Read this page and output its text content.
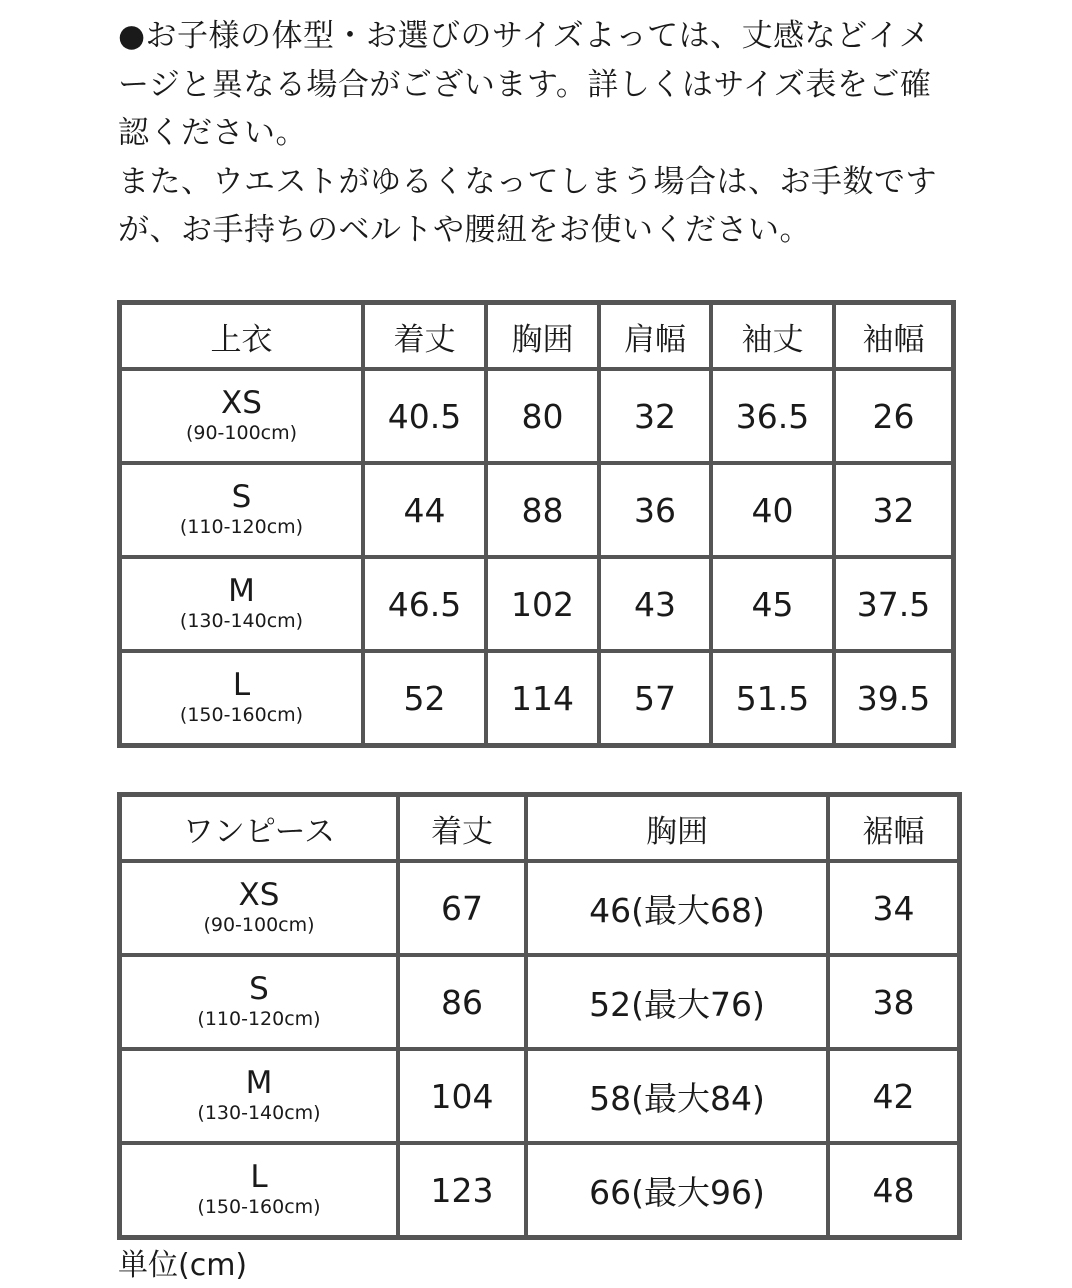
●お子様の体型・お選びのサイズよっては、丈感などイメ

ージと異なる場合がございます。詳しくはサイズ表をご確

認ください。

また、ウエストがゆるくなってしまう場合は、お手数です

が、お手持ちのベルトや腰紐をお使いください。

上衣	着丈	胸囲	肩幅	袖丈	袖幅

XS
(90-100cm)	40.5	80	32	36.5	26

S
(110-120cm)	44	88	36	40	32

M
(130-140cm)	46.5	102	43	45	37.5

L
(150-160cm)	52	114	57	51.5	39.5
ワンピース	着丈	胸囲	裾幅

XS
(90-100cm)	67	46(最大68)	34

S
(110-120cm)	86	52(最大76)	38

M
(130-140cm)	104	58(最大84)	42

L
(150-160cm)	123	66(最大96)	48
単位(cm)
